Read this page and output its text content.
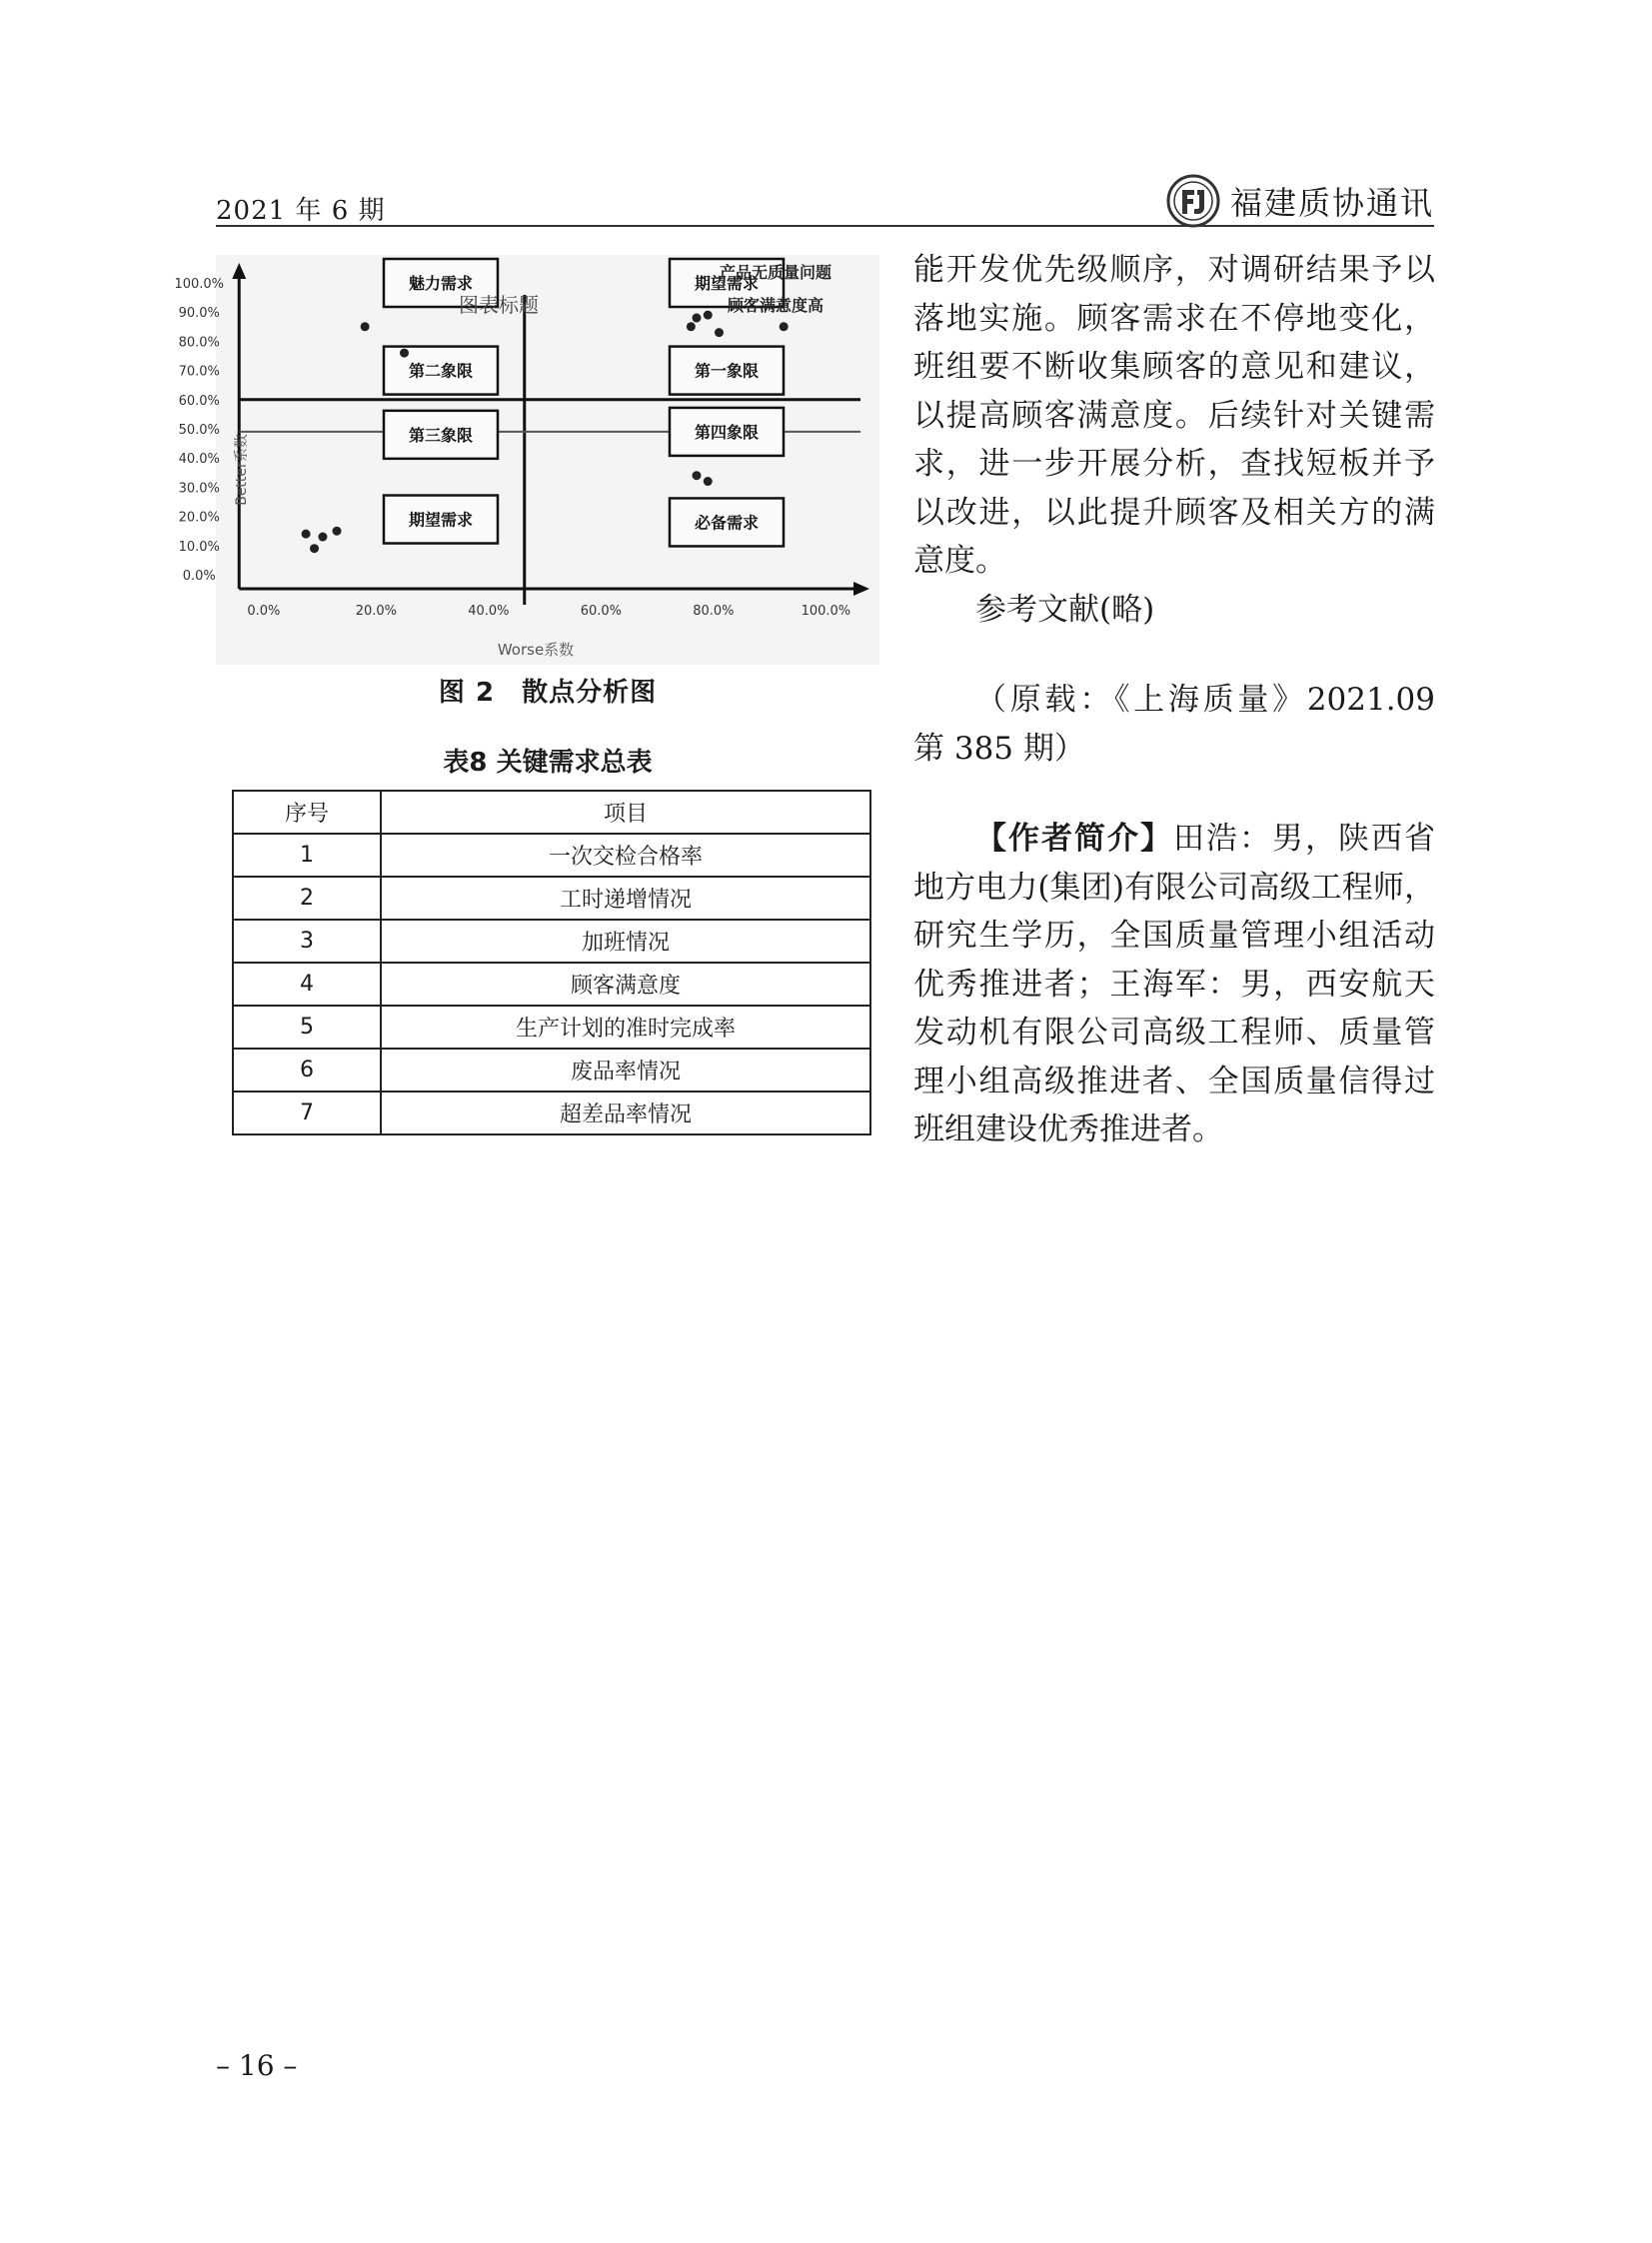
2021 年 6 期	福建质协通讯
0.0%
10.0%
20.0%
30.0%
40.0%
50.0%
60.0%
70.0%
80.0%
90.0%
100.0%
0.0%	20.0%	40.0%	60.0%	80.0%	100.0%
魅力需求
第二象限
第三象限
期望需求
期望需求
第一象限
第四象限
必备需求
图表标题
产品无质量问题
顾客满意度高
Worse系数
Better系数
图 2　散点分析图
表8 关键需求总表
序号	项目
1	一次交检合格率
2	工时递增情况
3	加班情况
4	顾客满意度
5	生产计划的准时完成率
6	废品率情况
7	超差品率情况

能开发优先级顺序，对调研结果予以落地实施。顾客需求在不停地变化，班组要不断收集顾客的意见和建议，以提高顾客满意度。后续针对关键需求，进一步开展分析，查找短板并予以改进，以此提升顾客及相关方的满意度。

参考文献(略)

（原载：《上海质量》2021.09 第 385 期）

【作者简介】田浩：男，陕西省地方电力(集团)有限公司高级工程师，研究生学历，全国质量管理小组活动优秀推进者；王海军：男，西安航天发动机有限公司高级工程师、质量管理小组高级推进者、全国质量信得过班组建设优秀推进者。

– 16 –
